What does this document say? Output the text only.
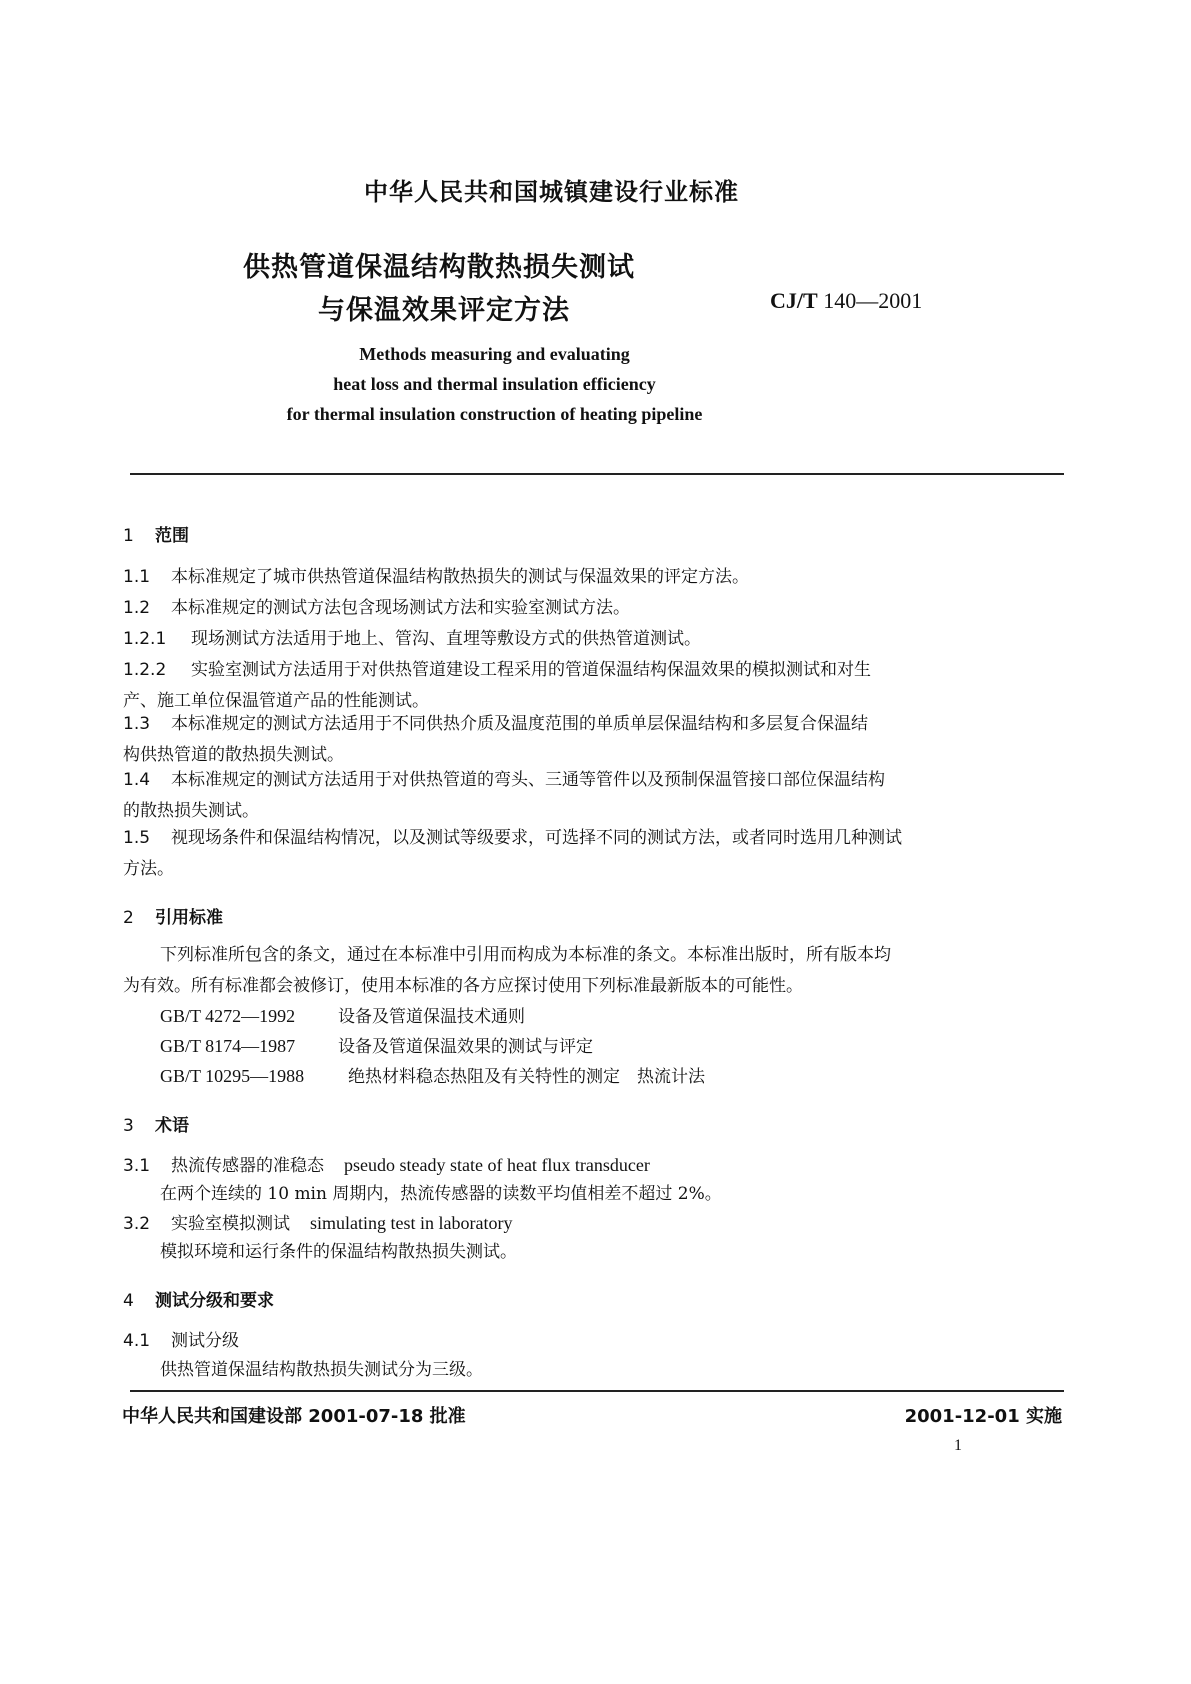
中华人民共和国城镇建设行业标准
供热管道保温结构散热损失测试
与保温效果评定方法	CJ/T 140—2001
Methods measuring and evaluating
heat loss and thermal insulation efficiency
for thermal insulation construction of heating pipeline
1 范围
1.1 本标准规定了城市供热管道保温结构散热损失的测试与保温效果的评定方法。
1.2 本标准规定的测试方法包含现场测试方法和实验室测试方法。
1.2.1 现场测试方法适用于地上、管沟、直埋等敷设方式的供热管道测试。
1.2.2 实验室测试方法适用于对供热管道建设工程采用的管道保温结构保温效果的模拟测试和对生
产、施工单位保温管道产品的性能测试。
1.3 本标准规定的测试方法适用于不同供热介质及温度范围的单质单层保温结构和多层复合保温结
构供热管道的散热损失测试。
1.4 本标准规定的测试方法适用于对供热管道的弯头、三通等管件以及预制保温管接口部位保温结构
的散热损失测试。
1.5 视现场条件和保温结构情况，以及测试等级要求，可选择不同的测试方法，或者同时选用几种测试
方法。
2 引用标准
下列标准所包含的条文，通过在本标准中引用而构成为本标准的条文。本标准出版时，所有版本均
为有效。所有标准都会被修订，使用本标准的各方应探讨使用下列标准最新版本的可能性。
GB/T 4272—1992	设备及管道保温技术通则
GB/T 8174—1987	设备及管道保温效果的测试与评定
GB/T 10295—1988	绝热材料稳态热阻及有关特性的测定　热流计法
3 术语
3.1 热流传感器的准稳态 pseudo steady state of heat flux transducer
在两个连续的 10 min 周期内，热流传感器的读数平均值相差不超过 2%。
3.2 实验室模拟测试 simulating test in laboratory
模拟环境和运行条件的保温结构散热损失测试。
4 测试分级和要求
4.1 测试分级
供热管道保温结构散热损失测试分为三级。
中华人民共和国建设部 2001-07-18 批准	2001-12-01 实施
1
